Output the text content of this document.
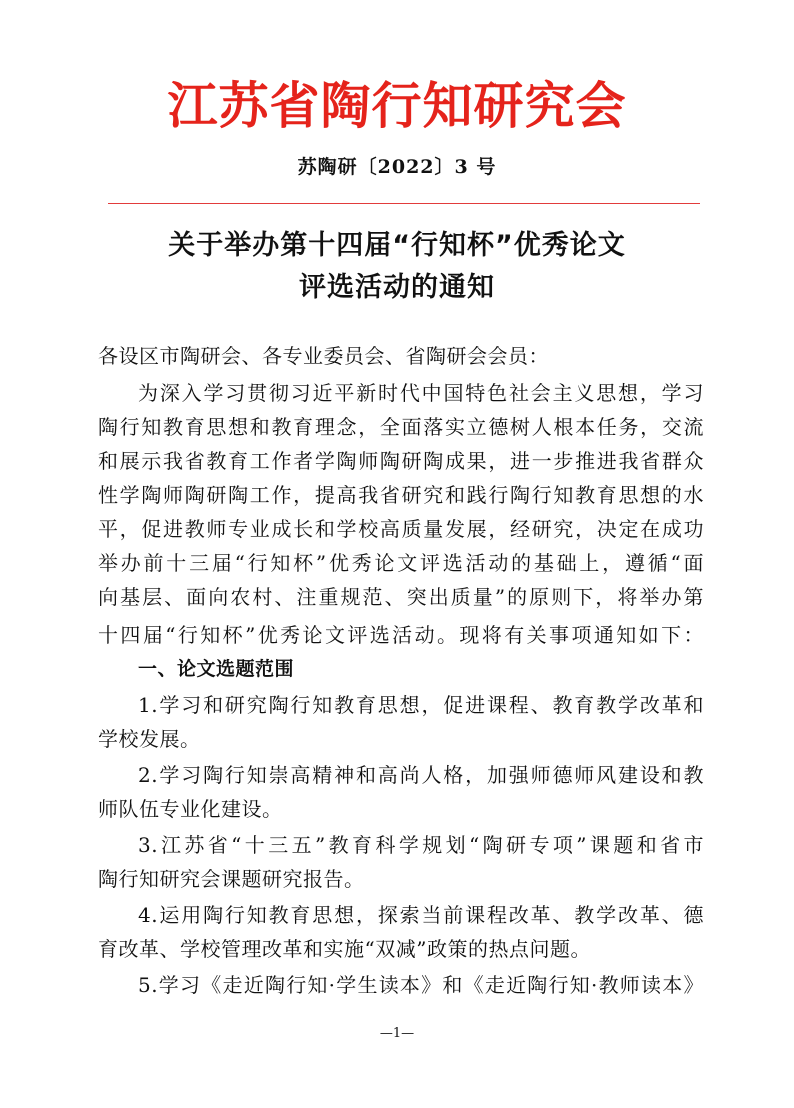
江苏省陶行知研究会
苏陶研〔2022〕3 号
关于举办第十四届“行知杯”优秀论文
评选活动的通知
各设区市陶研会、各专业委员会、省陶研会会员：
为深入学习贯彻习近平新时代中国特色社会主义思想，学习
陶行知教育思想和教育理念，全面落实立德树人根本任务，交流
和展示我省教育工作者学陶师陶研陶成果，进一步推进我省群众
性学陶师陶研陶工作，提高我省研究和践行陶行知教育思想的水
平，促进教师专业成长和学校高质量发展，经研究，决定在成功
举办前十三届“行知杯”优秀论文评选活动的基础上，遵循“面
向基层、面向农村、注重规范、突出质量”的原则下，将举办第
十四届“行知杯”优秀论文评选活动。现将有关事项通知如下：
一、论文选题范围
1.学习和研究陶行知教育思想，促进课程、教育教学改革和
学校发展。
2.学习陶行知崇高精神和高尚人格，加强师德师风建设和教
师队伍专业化建设。
3.江苏省“十三五”教育科学规划“陶研专项”课题和省市
陶行知研究会课题研究报告。
4.运用陶行知教育思想，探索当前课程改革、教学改革、德
育改革、学校管理改革和实施“双减”政策的热点问题。
5.学习《走近陶行知·学生读本》和《走近陶行知·教师读本》
—1—
